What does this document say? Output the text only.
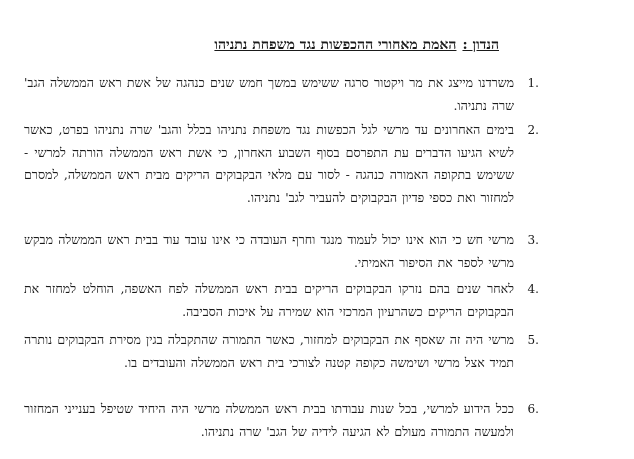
הנדון :
האמת מאחורי ההכפשות נגד משפחת נתניהו
1.
משרדנו מייצג את מר ויקטור סרגה ששימש במשך חמש שנים כנהגה של אשת ראש הממשלה הגב' שרה נתניהו.
2.
בימים האחרונים עד מרשי לגל הכפשות נגד משפחת נתניהו בכלל והגב' שרה נתניהו בפרט, כאשר לשיא הגיעו הדברים עת התפרסם בסוף השבוע האחרון, כי אשת ראש הממשלה הורתה למרשי - ששימש בתקופה האמורה כנהגה - לסור עם מלאי הבקבוקים הריקים מבית ראש הממשלה, למסרם למחזור ואת כספי פדיון הבקבוקים להעביר לגב' נתניהו.
3.
מרשי חש כי הוא אינו יכול לעמוד מנגד וחרף העובדה כי אינו עובד עוד בבית ראש הממשלה מבקש מרשי לספר את הסיפור האמיתי.
4.
לאחר שנים בהם נזרקו הבקבוקים הריקים בבית ראש הממשלה לפח האשפה, הוחלט למחזר את הבקבוקים הריקים כשהרעיון המרכזי הוא שמירה על איכות הסביבה.
5.
מרשי היה זה שאסף את הבקבוקים למחזור, כאשר התמורה שהתקבלה בגין מסירת הבקבוקים נותרה תמיד אצל מרשי ושימשה כקופה קטנה לצורכי בית ראש הממשלה והעובדים בו.
6.
ככל הידוע למרשי, בכל שנות עבודתו בבית ראש הממשלה מרשי היה היחיד שטיפל בענייני המחזור ולמעשה התמורה מעולם לא הגיעה לידיה של הגב' שרה נתניהו.
